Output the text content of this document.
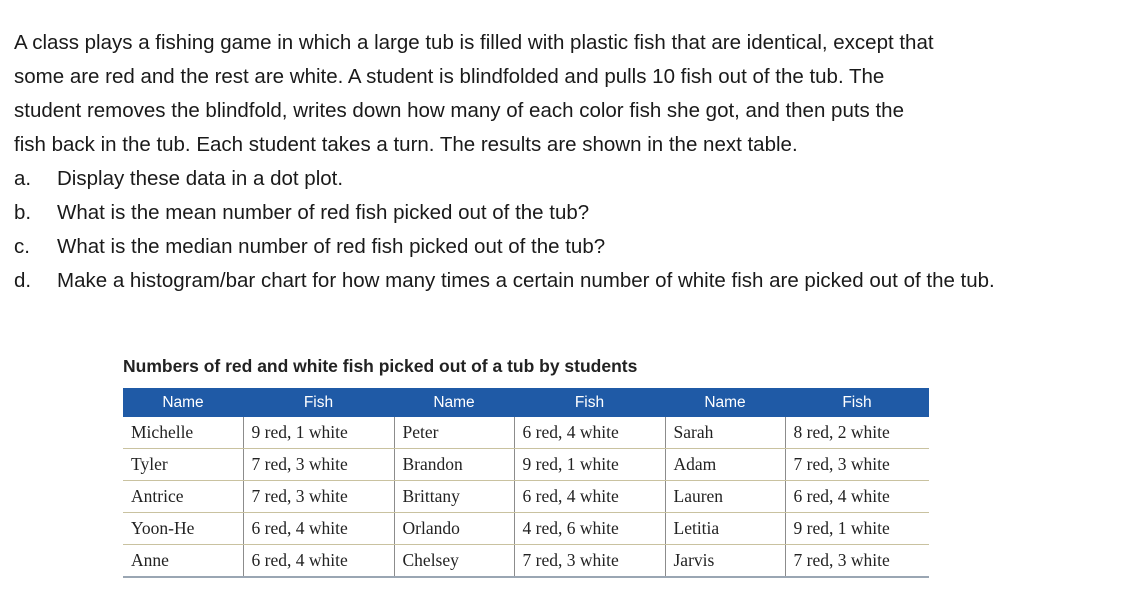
A class plays a fishing game in which a large tub is filled with plastic fish that are identical, except that
some are red and the rest are white. A student is blindfolded and pulls 10 fish out of the tub. The
student removes the blindfold, writes down how many of each color fish she got, and then puts the
fish back in the tub. Each student takes a turn. The results are shown in the next table.

a.	Display these data in a dot plot.
b.	What is the mean number of red fish picked out of the tub?
c.	What is the median number of red fish picked out of the tub?
d.	Make a histogram/bar chart for how many times a certain number of white fish are picked out of the tub.
Numbers of red and white fish picked out of a tub by students
Name	Fish	Name	Fish	Name	Fish
Michelle	9 red, 1 white	Peter	6 red, 4 white	Sarah	8 red, 2 white
Tyler	7 red, 3 white	Brandon	9 red, 1 white	Adam	7 red, 3 white
Antrice	7 red, 3 white	Brittany	6 red, 4 white	Lauren	6 red, 4 white
Yoon-He	6 red, 4 white	Orlando	4 red, 6 white	Letitia	9 red, 1 white
Anne	6 red, 4 white	Chelsey	7 red, 3 white	Jarvis	7 red, 3 white
